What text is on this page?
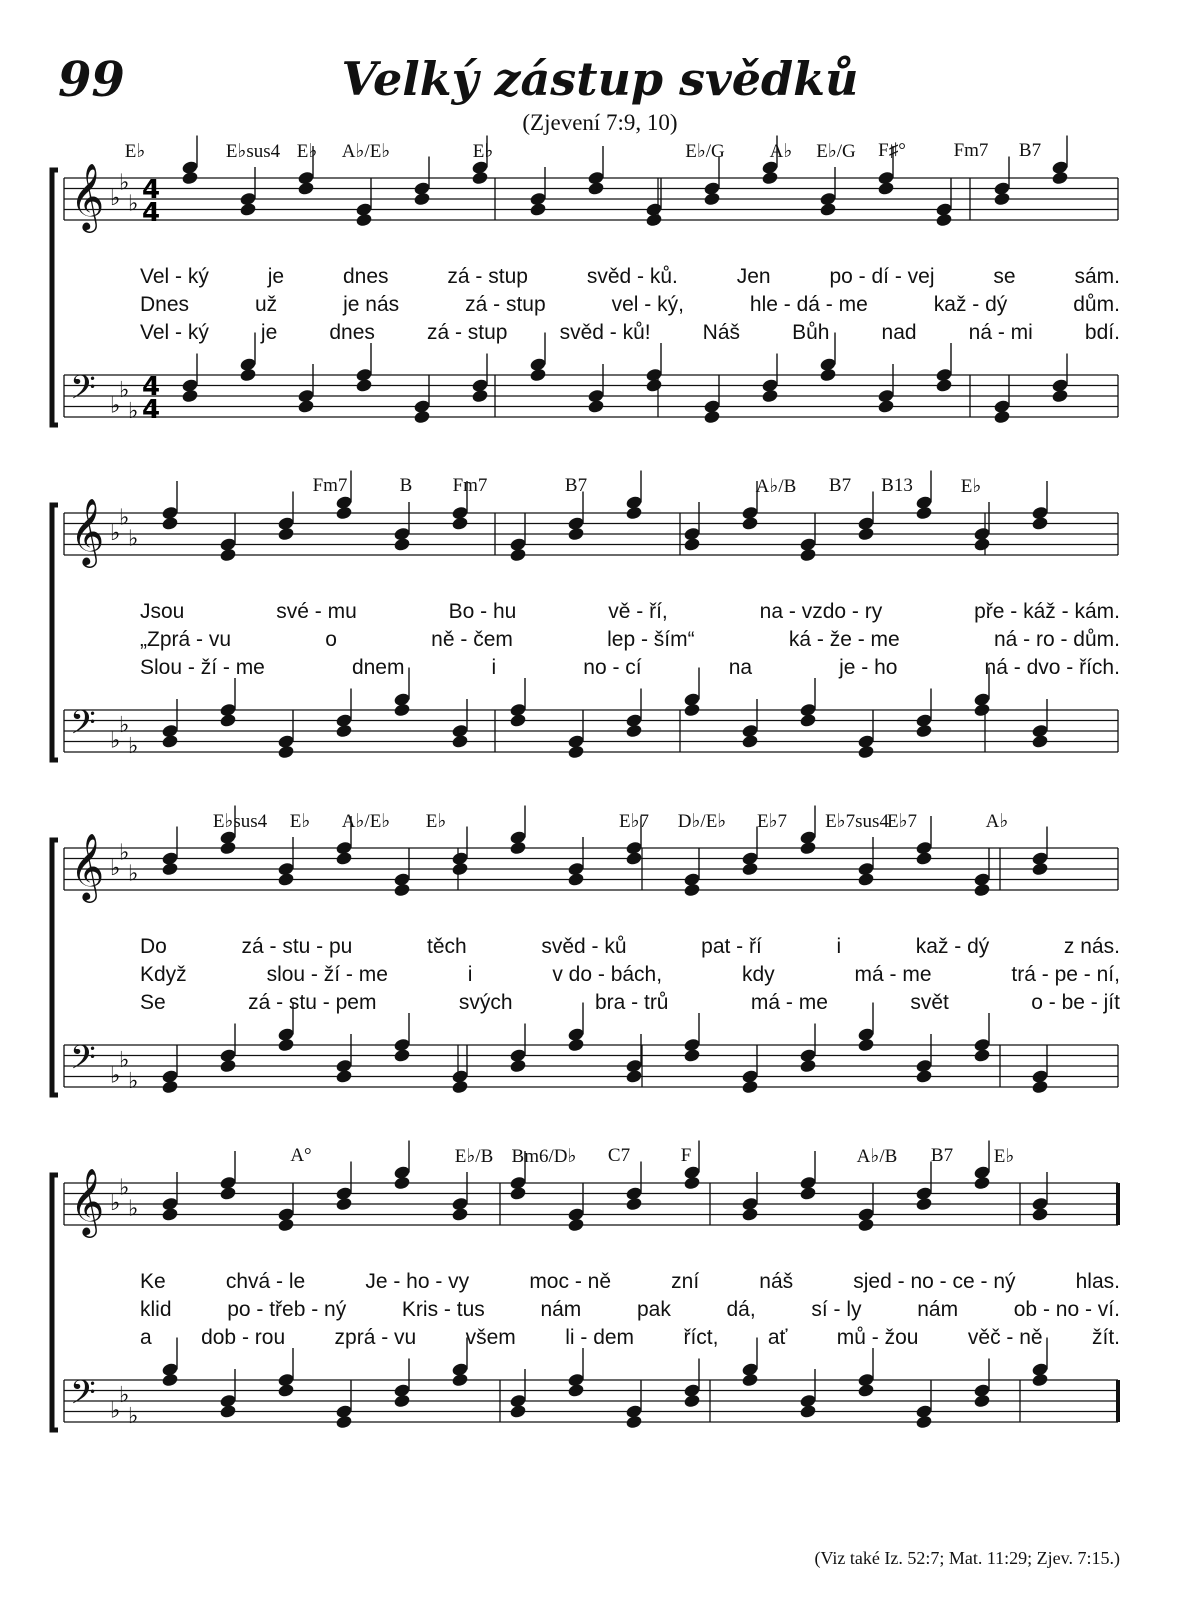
99	Velký zástup svědků
(Zjevení 7:9, 10)
E♭	E♭sus4 E♭ A♭/E♭	E♭	E♭/G A♭ E♭/G F♯°	Fm7 B7
𝄞 ♭
♭
♭ 4
4
𝄢 ♭
♭
♭
4
4
Vel - ký	je	dnes	zá - stup	svěd - ků.	Jen	po - dí - vej	se	sám.
Dnes	už	je nás	zá - stup	vel - ký,	hle - dá - me	kaž - dý	dům.
Vel - ký je dnes zá - stup svěd - ků! Náš Bůh nad ná - mi bdí.
Fm7	B Fm7	B7	A♭/B B7 B13	E♭
𝄞 ♭
♭
♭
𝄢 ♭
♭
♭
Jsou	své - mu	Bo - hu	vě - ří,	na - vzdo - ry	pře - káž - kám.
„Zprá - vu	o	ně - čem	lep - ším“	ká - že - me	ná - ro - dům.
Slou - ží - me	dnem	i	no - cí	na	je - ho	ná - dvo - řích.
E♭sus4 E♭ A♭/E♭ E♭	E♭7 D♭/E♭ E♭7 E♭7sus4
E♭7	A♭
𝄞 ♭
♭
♭
𝄢 ♭
♭
♭
Do	zá - stu - pu	těch	svěd - ků	pat - ří	i	kaž - dý	z nás.
Když	slou - ží - me	i	v do - bách,	kdy	má - me	trá - pe - ní,
Se	zá - stu - pem	svých	bra - trů	má - me	svět	o - be - jít
A°	E♭/B Bm6/D♭ C7	F	A♭/B B7 E♭
𝄞 ♭
♭
♭
𝄢 ♭
♭
♭
Ke	chvá - le	Je - ho - vy	moc - ně	zní	náš	sjed - no - ce - ný	hlas.
klid	po - třeb - ný	Kris - tus	nám	pak	dá,	sí - ly	nám	ob - no - ví.
a dob - rou zprá - vu všem li - dem říct, ať mů - žou věč - ně žít.
(Viz také Iz. 52:7; Mat. 11:29; Zjev. 7:15.)
